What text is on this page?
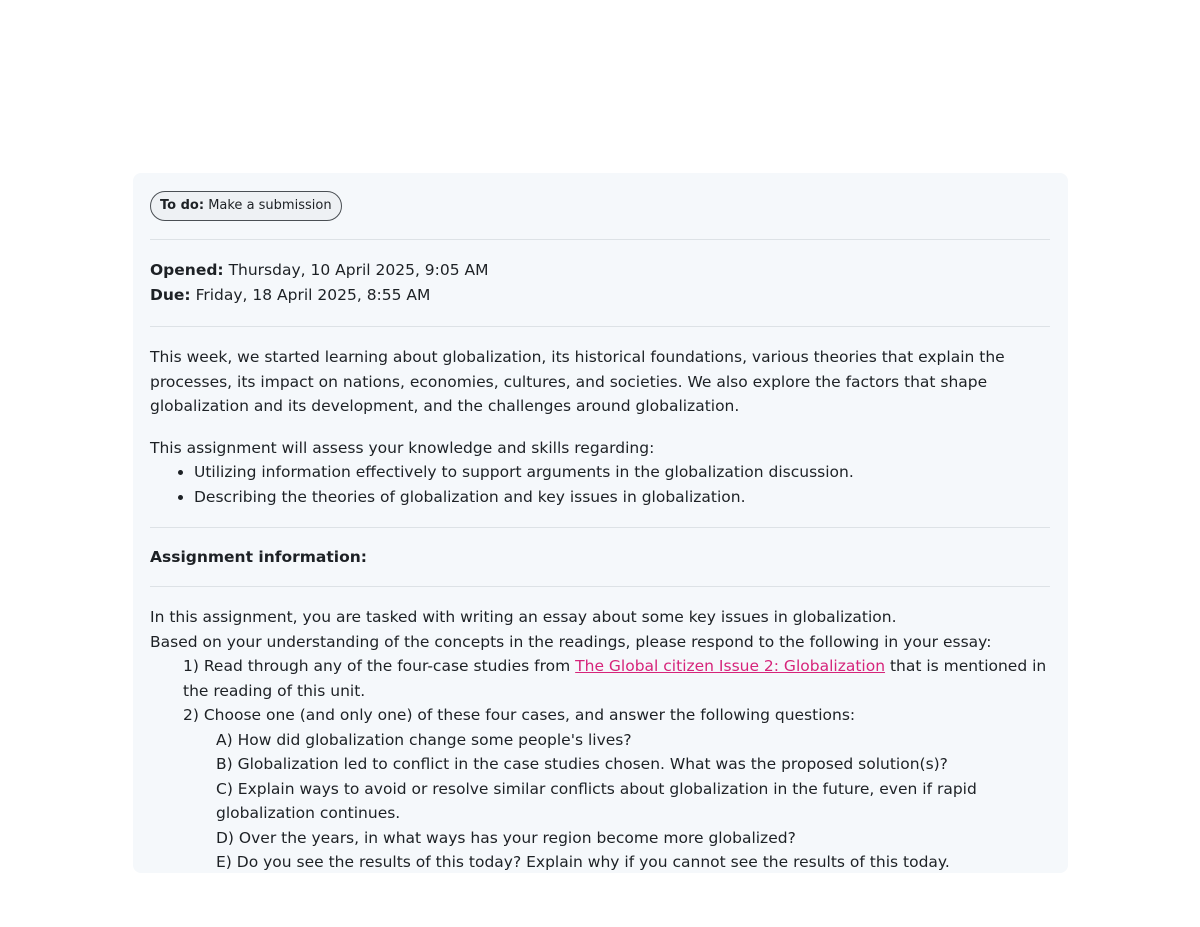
To do: Make a submission
Opened: Thursday, 10 April 2025, 9:05 AM
Due: Friday, 18 April 2025, 8:55 AM

This week, we started learning about globalization, its historical foundations, various theories that explain the processes, its impact on nations, economies, cultures, and societies. We also explore the factors that shape globalization and its development, and the challenges around globalization.

This assignment will assess your knowledge and skills regarding:

• Utilizing information effectively to support arguments in the globalization discussion.
• Describing the theories of globalization and key issues in globalization.
Assignment information:

In this assignment, you are tasked with writing an essay about some key issues in globalization.

Based on your understanding of the concepts in the readings, please respond to the following in your essay:

1) Read through any of the four-case studies from The Global citizen Issue 2: Globalization that is mentioned in the reading of this unit.
2) Choose one (and only one) of these four cases, and answer the following questions:
A) How did globalization change some people's lives?
B) Globalization led to conflict in the case studies chosen. What was the proposed solution(s)?
C) Explain ways to avoid or resolve similar conflicts about globalization in the future, even if rapid globalization continues.
D) Over the years, in what ways has your region become more globalized?
E) Do you see the results of this today? Explain why if you cannot see the results of this today.
